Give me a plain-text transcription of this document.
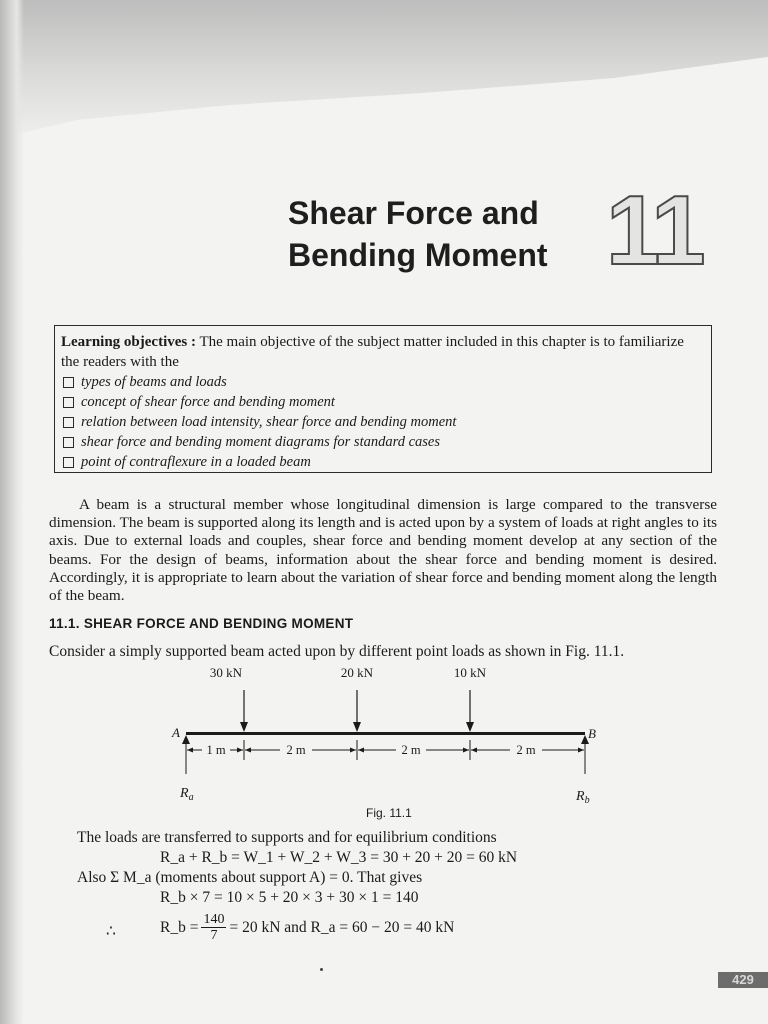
Shear Force and
Bending Moment 11

Learning objectives : The main objective of the subject matter included in this chapter is to familiarize the readers with the

types of beams and loads
concept of shear force and bending moment
relation between load intensity, shear force and bending moment
shear force and bending moment diagrams for standard cases
point of contraflexure in a loaded beam

A beam is a structural member whose longitudinal dimension is large compared to the transverse dimension. The beam is supported along its length and is acted upon by a system of loads at right angles to its axis. Due to external loads and couples, shear force and bending moment develop at any section of the beams. For the design of beams, information about the shear force and bending moment is desired. Accordingly, it is appropriate to learn about the variation of shear force and bending moment along the length of the beam.

11.1. SHEAR FORCE AND BENDING MOMENT

Consider a simply supported beam acted upon by different point loads as shown in Fig. 11.1.

30 kN	20 kN	10 kN
A	B
1 m	2 m	2 m	2 m
$R_a$	$R_b$
Fig. 11.1
The loads are transferred to supports and for equilibrium conditions
R_a + R_b = W_1 + W_2 + W_3 = 30 + 20 + 20 = 60 kN
Also Σ M_a (moments about support A) = 0. That gives
R_b × 7 = 10 × 5 + 20 × 3 + 30 × 1 = 140
∴	R_b = $\frac{140}{7} = 20$ kN and R_a = 60 − 20 = 40 kN
429
